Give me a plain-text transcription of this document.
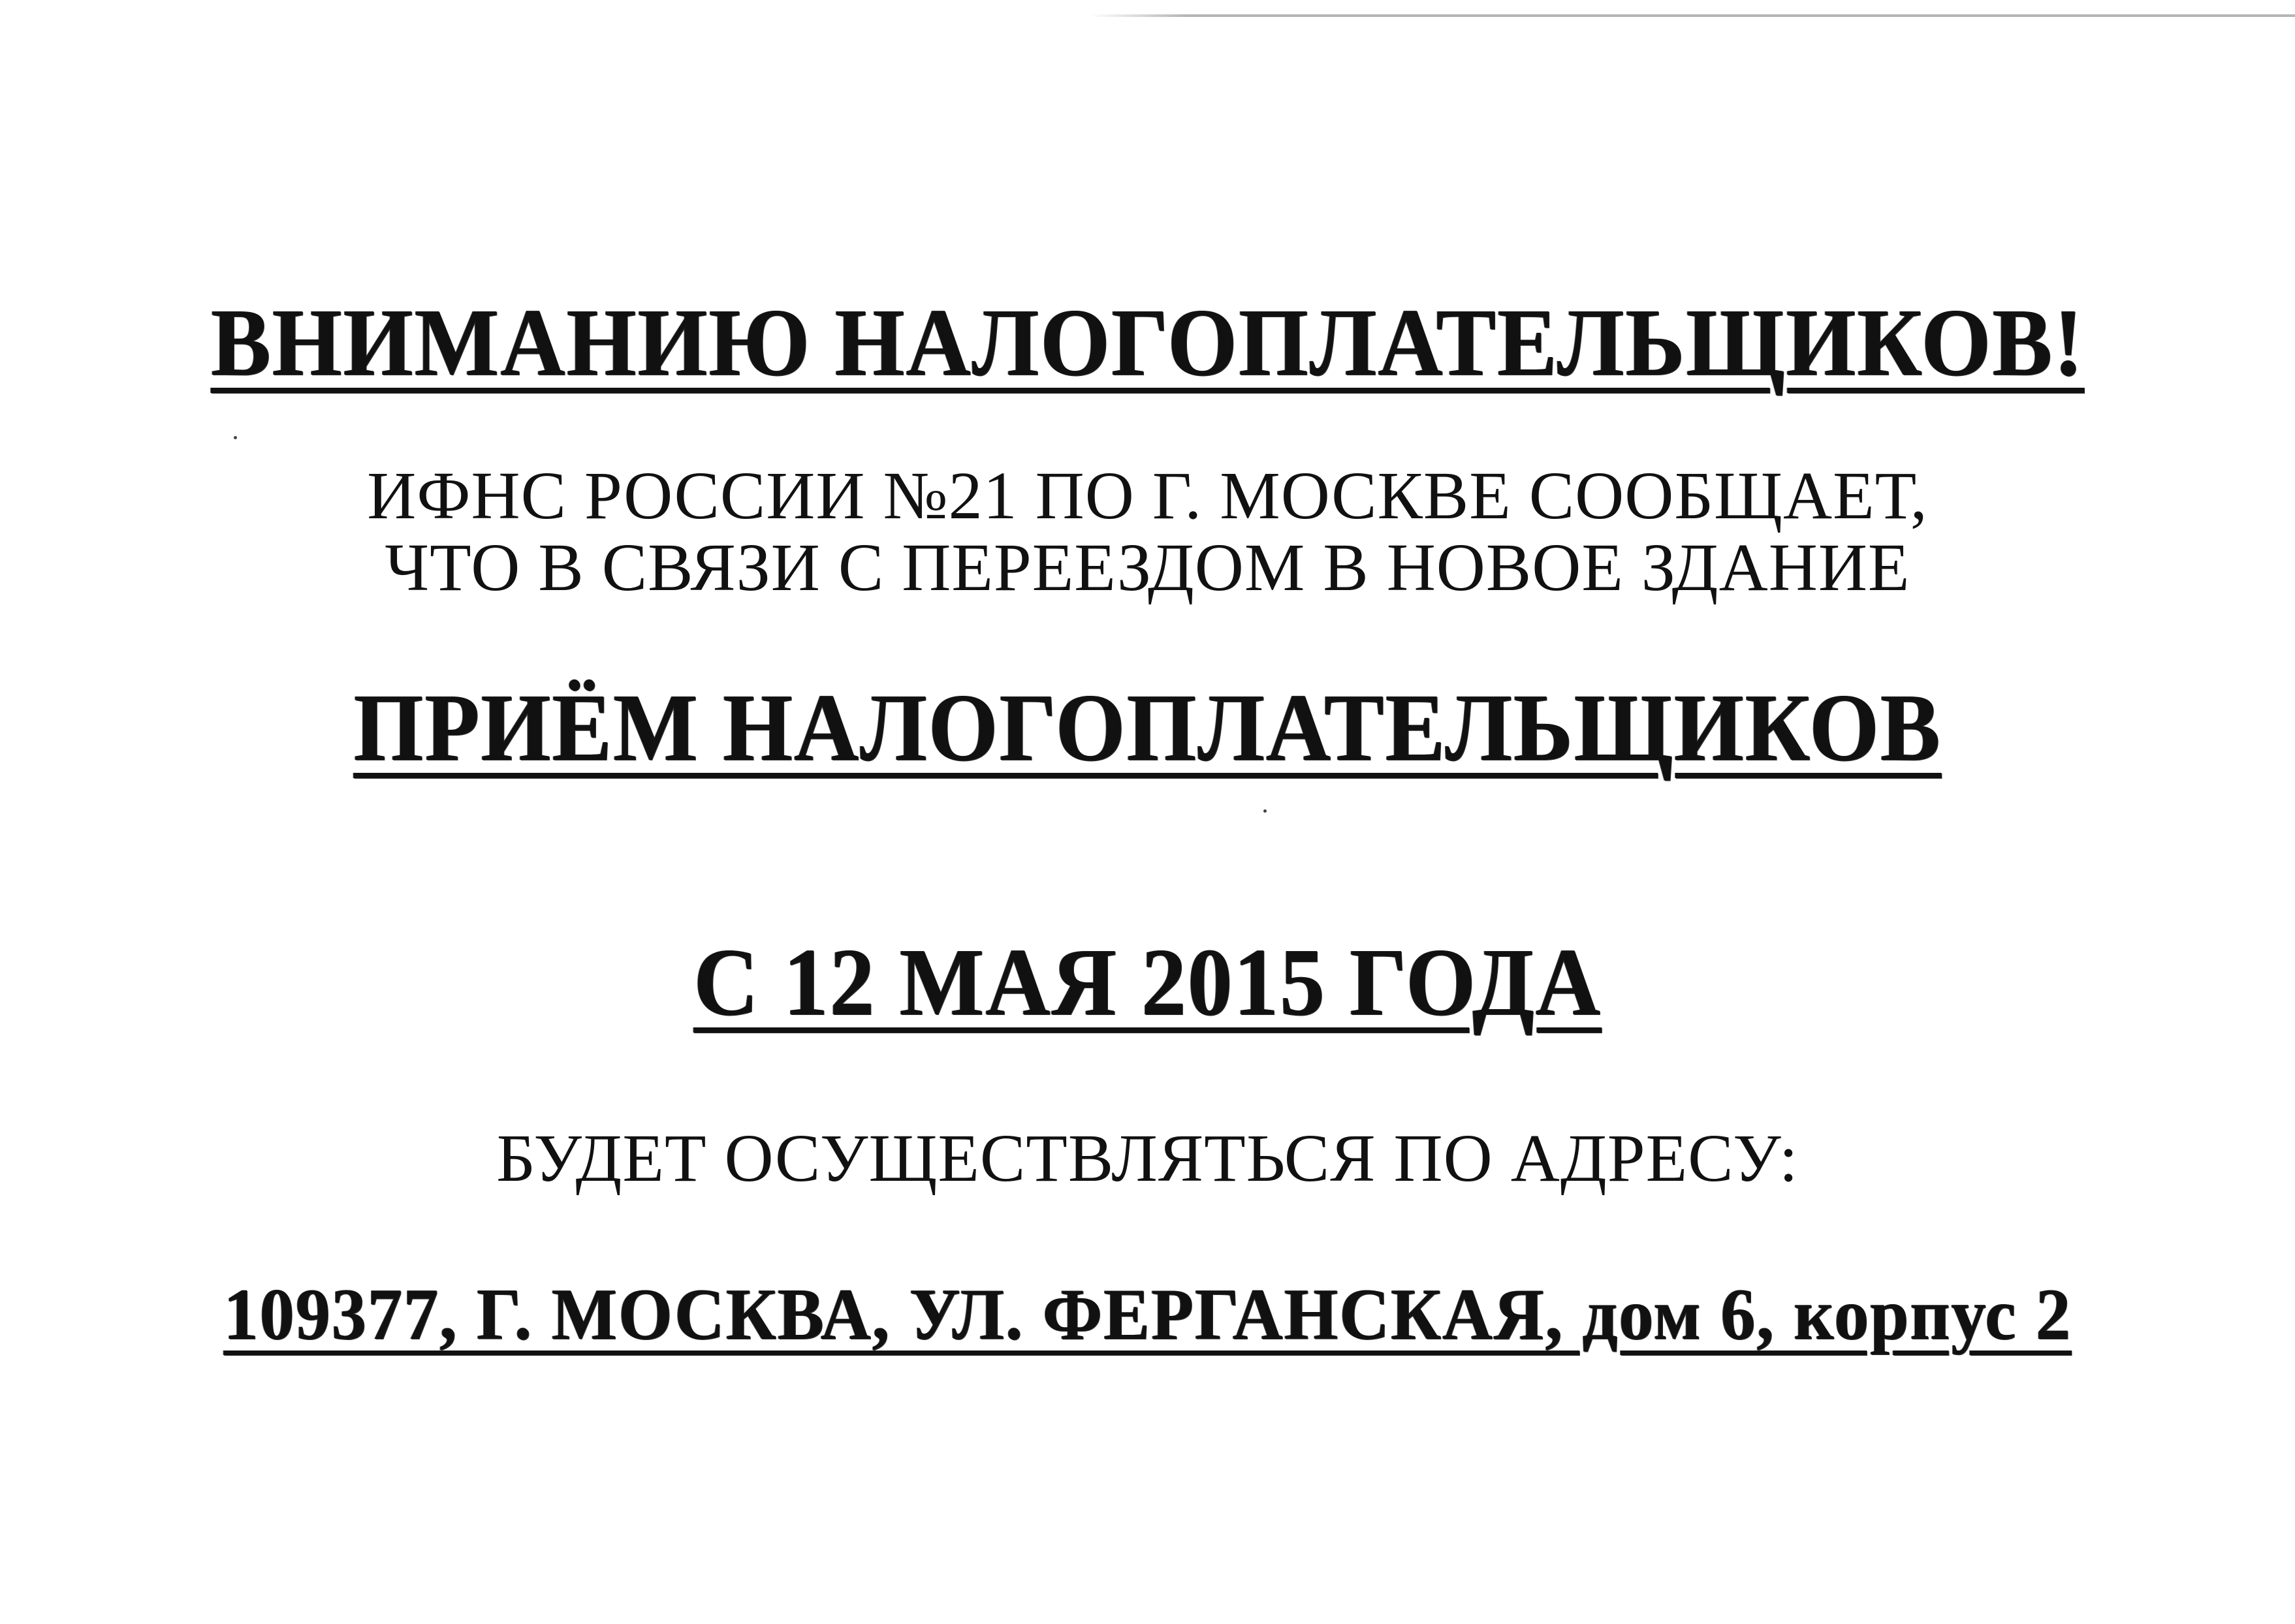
ВНИМАНИЮ НАЛОГОПЛАТЕЛЬЩИКОВ!
ИФНС РОССИИ №21 ПО Г. МОСКВЕ СООБЩАЕТ,
ЧТО В СВЯЗИ С ПЕРЕЕЗДОМ В НОВОЕ ЗДАНИЕ
ПРИЁМ НАЛОГОПЛАТЕЛЬЩИКОВ
С 12 МАЯ 2015 ГОДА
БУДЕТ ОСУЩЕСТВЛЯТЬСЯ ПО АДРЕСУ:
109377, Г. МОСКВА, УЛ. ФЕРГАНСКАЯ, дом 6, корпус 2
